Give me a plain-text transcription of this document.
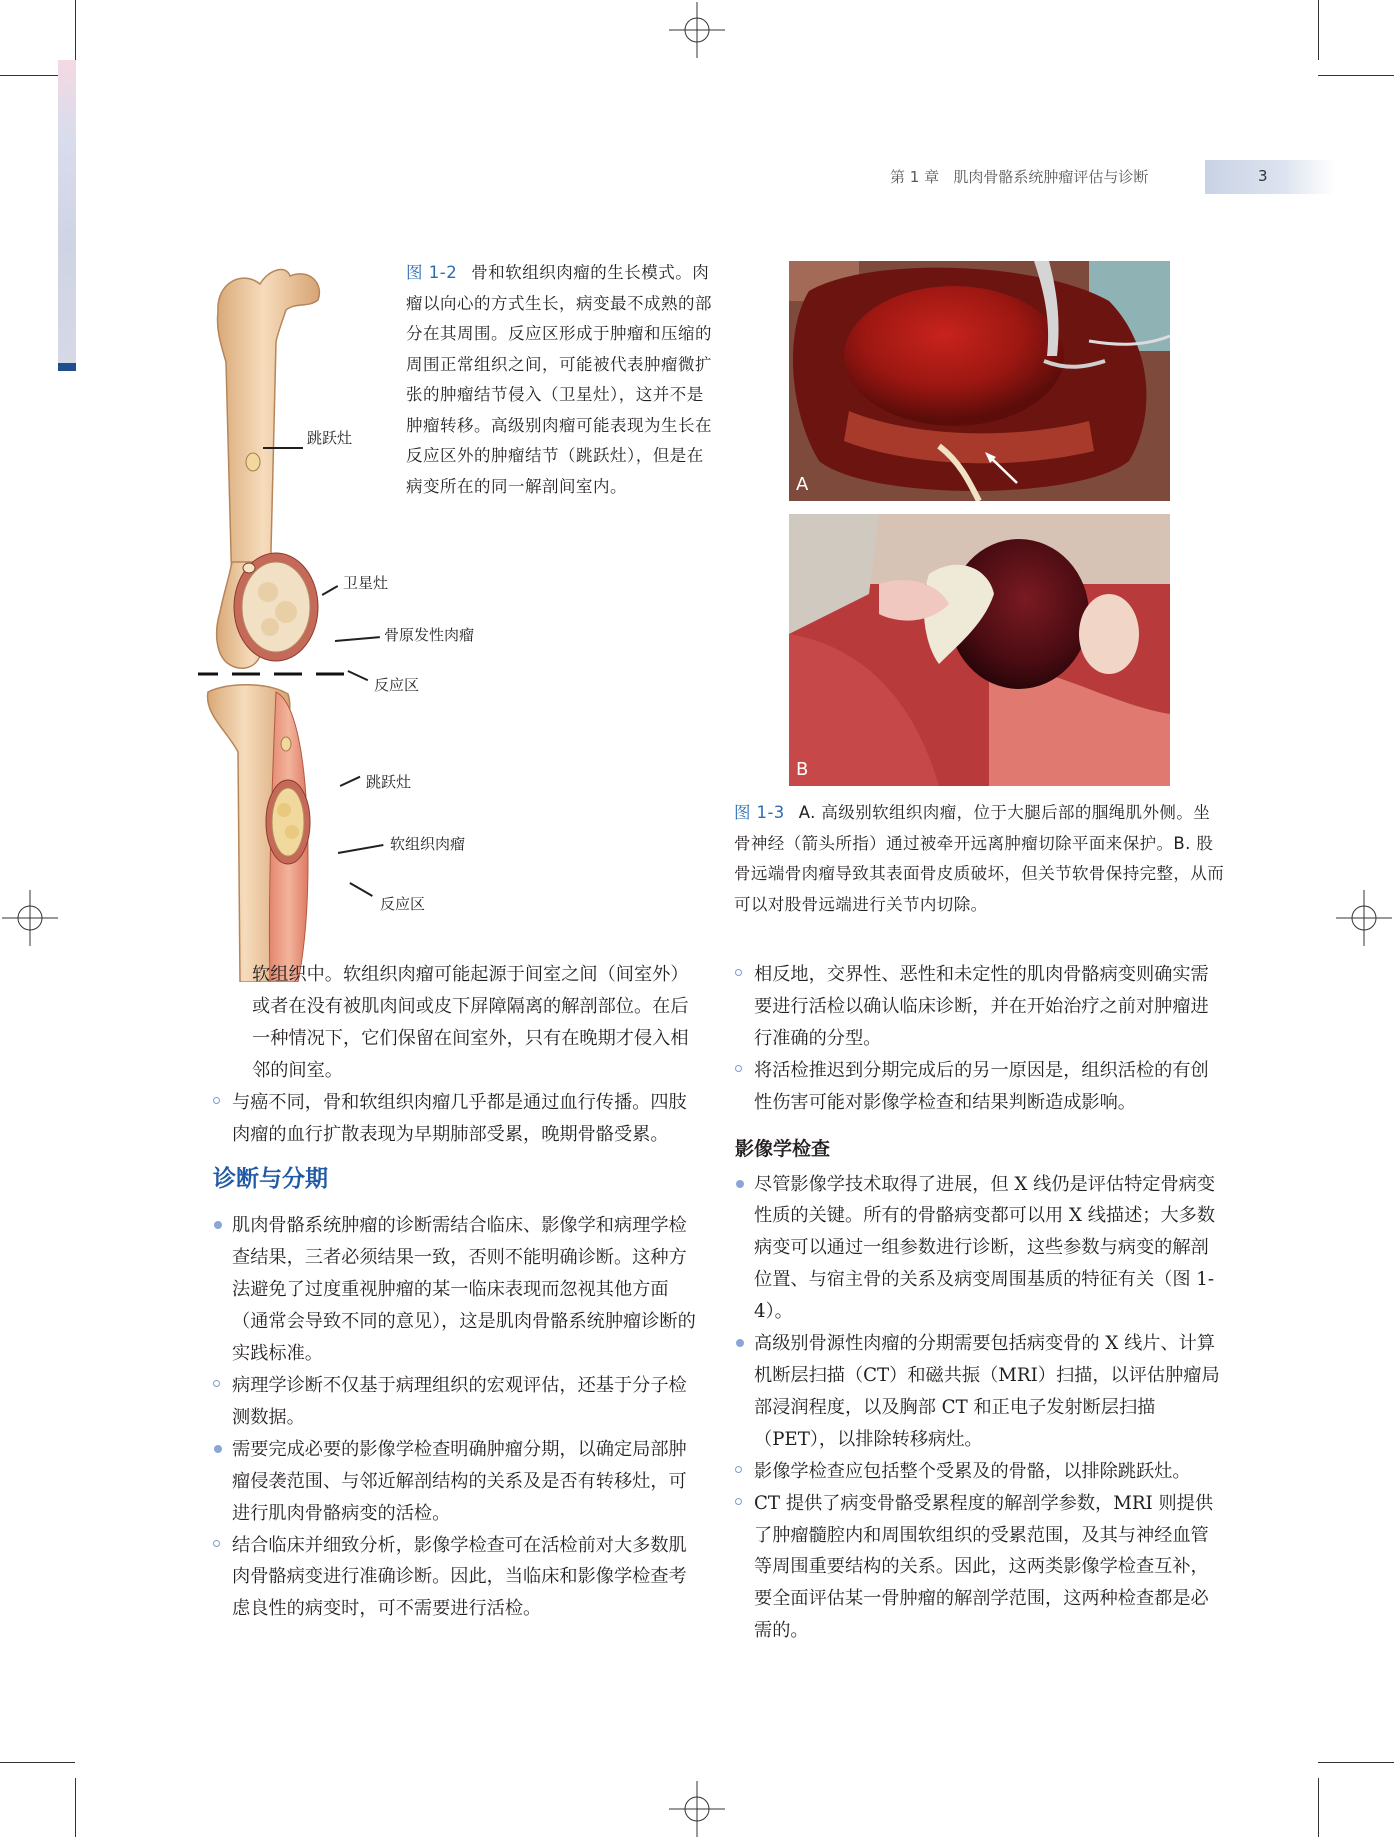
第 1 章 肌肉骨骼系统肿瘤评估与诊断	3
跳跃灶
卫星灶
骨原发性肉瘤
反应区
跳跃灶
软组织肉瘤
反应区
图 1-2 骨和软组织肉瘤的生长模式。肉瘤以向心的方式生长，病变最不成熟的部分在其周围。反应区形成于肿瘤和压缩的周围正常组织之间，可能被代表肿瘤微扩张的肿瘤结节侵入（卫星灶），这并不是肿瘤转移。高级别肉瘤可能表现为生长在反应区外的肿瘤结节（跳跃灶），但是在病变所在的同一解剖间室内。	A
B
图 1-3 A. 高级别软组织肉瘤，位于大腿后部的腘绳肌外侧。坐骨神经（箭头所指）通过被牵开远离肿瘤切除平面来保护。B. 股骨远端骨肉瘤导致其表面骨皮质破坏，但关节软骨保持完整，从而可以对股骨远端进行关节内切除。

软组织中。软组织肉瘤可能起源于间室之间（间室外）或者在没有被肌肉间或皮下屏障隔离的解剖部位。在后一种情况下，它们保留在间室外，只有在晚期才侵入相邻的间室。

与癌不同，骨和软组织肉瘤几乎都是通过血行传播。四肢肉瘤的血行扩散表现为早期肺部受累，晚期骨骼受累。

诊断与分期

肌肉骨骼系统肿瘤的诊断需结合临床、影像学和病理学检查结果，三者必须结果一致，否则不能明确诊断。这种方法避免了过度重视肿瘤的某一临床表现而忽视其他方面（通常会导致不同的意见），这是肌肉骨骼系统肿瘤诊断的实践标准。

病理学诊断不仅基于病理组织的宏观评估，还基于分子检测数据。

需要完成必要的影像学检查明确肿瘤分期，以确定局部肿瘤侵袭范围、与邻近解剖结构的关系及是否有转移灶，可进行肌肉骨骼病变的活检。

结合临床并细致分析，影像学检查可在活检前对大多数肌肉骨骼病变进行准确诊断。因此，当临床和影像学检查考虑良性的病变时，可不需要进行活检。

相反地，交界性、恶性和未定性的肌肉骨骼病变则确实需要进行活检以确认临床诊断，并在开始治疗之前对肿瘤进行准确的分型。

将活检推迟到分期完成后的另一原因是，组织活检的有创性伤害可能对影像学检查和结果判断造成影响。

影像学检查

尽管影像学技术取得了进展，但 X 线仍是评估特定骨病变性质的关键。所有的骨骼病变都可以用 X 线描述；大多数病变可以通过一组参数进行诊断，这些参数与病变的解剖位置、与宿主骨的关系及病变周围基质的特征有关（图 1-4）。

高级别骨源性肉瘤的分期需要包括病变骨的 X 线片、计算机断层扫描（CT）和磁共振（MRI）扫描，以评估肿瘤局部浸润程度，以及胸部 CT 和正电子发射断层扫描（PET），以排除转移病灶。

影像学检查应包括整个受累及的骨骼，以排除跳跃灶。

CT 提供了病变骨骼受累程度的解剖学参数，MRI 则提供了肿瘤髓腔内和周围软组织的受累范围，及其与神经血管等周围重要结构的关系。因此，这两类影像学检查互补，要全面评估某一骨肿瘤的解剖学范围，这两种检查都是必需的。
